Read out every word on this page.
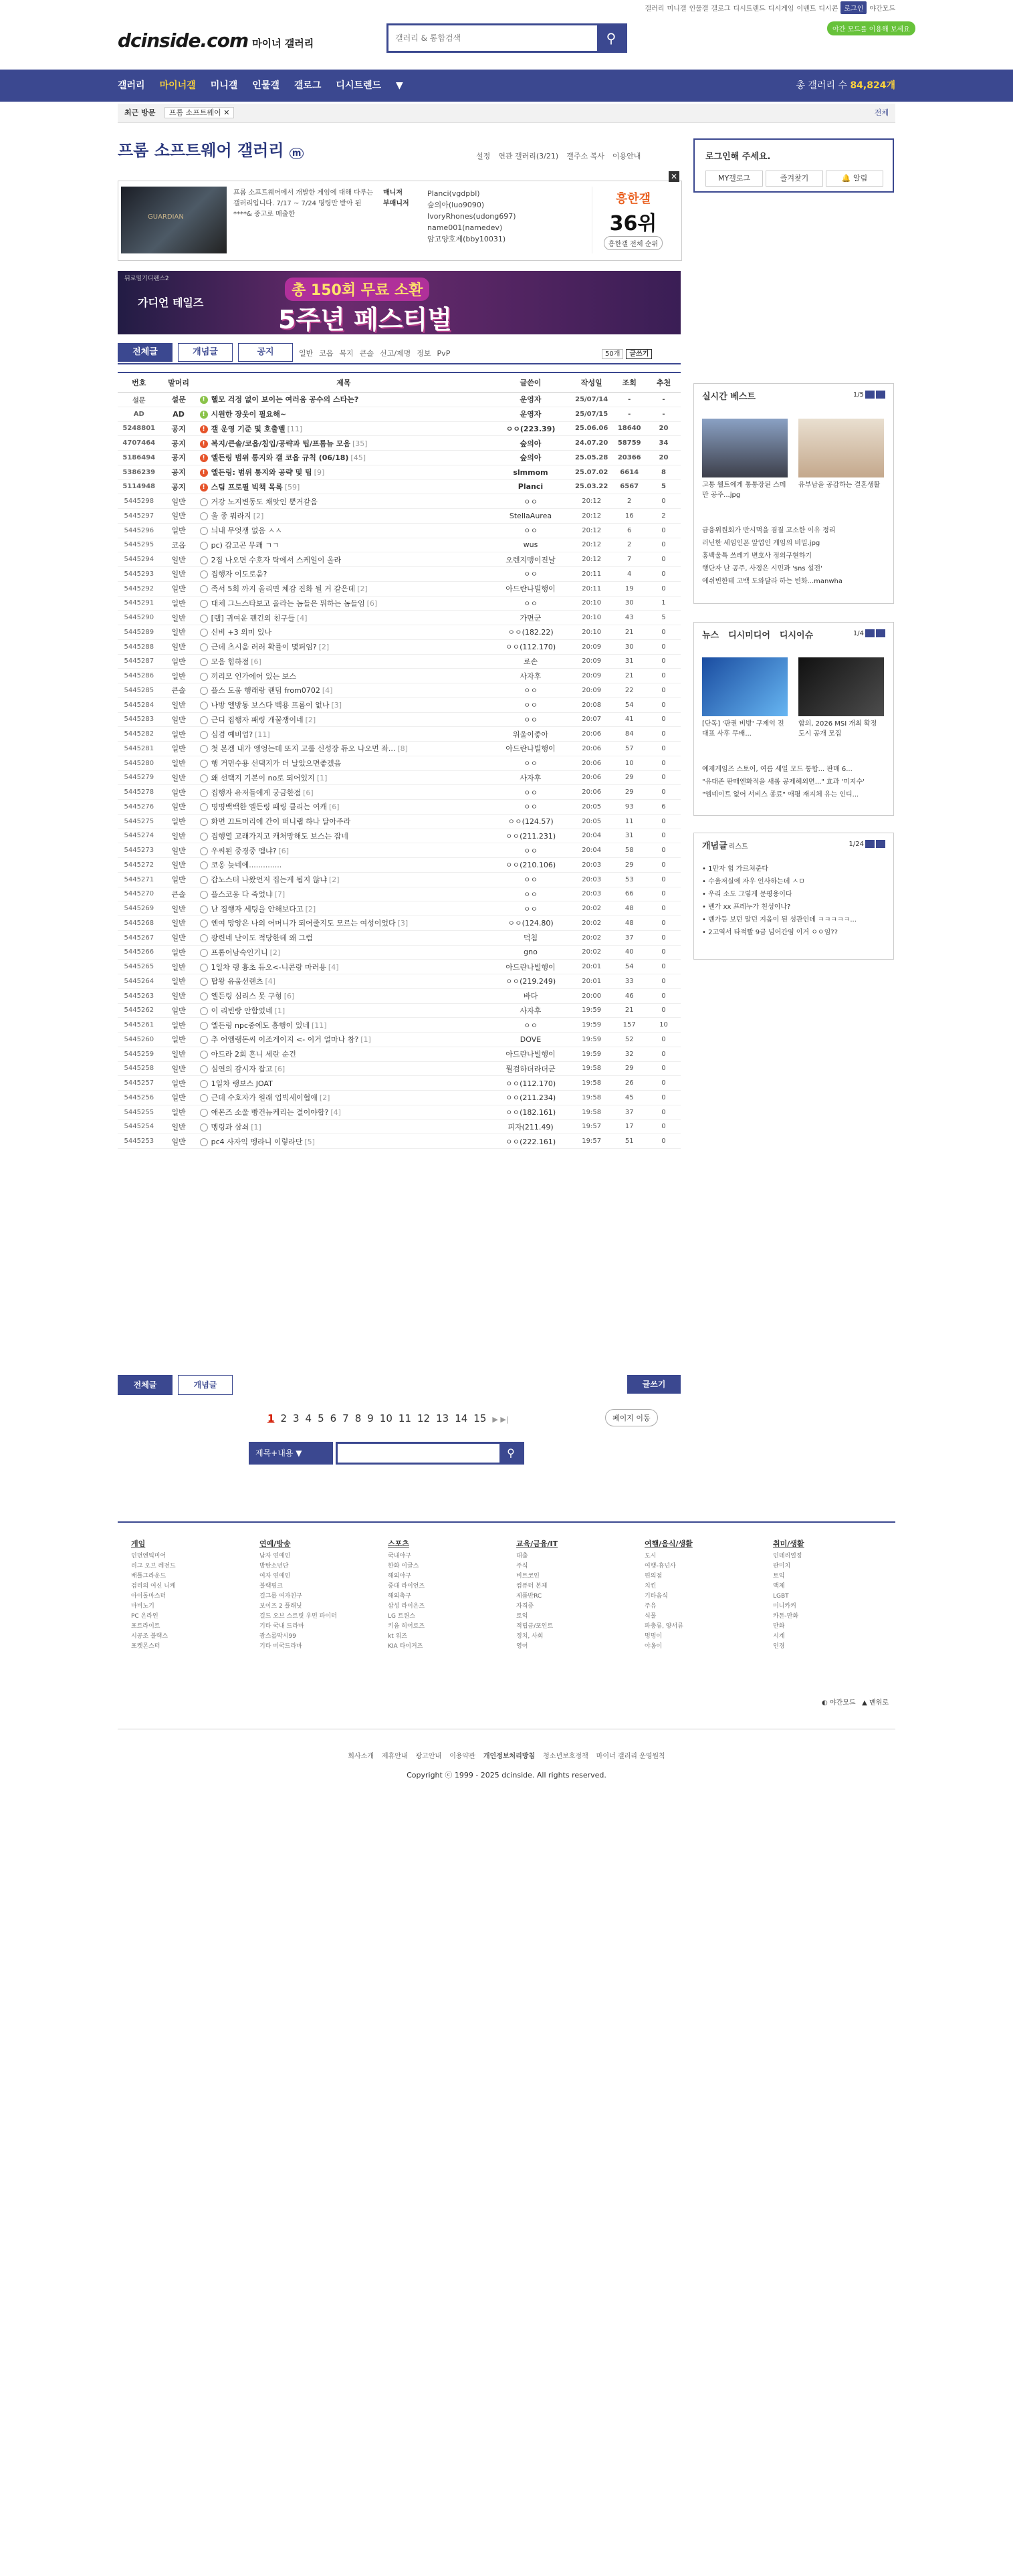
갤러리 미니갤 인물갤 갤로그 디시트렌드 디시게임 이벤트 디시콘 로그인 야간모드
dcinside.com 마이너 갤러리
갤러리 & 통합검색	⚲
야간 모드를 이용해 보세요
갤러리 마이너갤 미니갤 인물갤 갤로그 디시트렌드 ▼	총 갤러리 수 84,824개
최근 방문 프롬 소프트웨어 ✕	전체
프롬 소프트웨어 갤러리 m	설정 연관 갤러리(3/21) 갤주소 복사 이용안내
GUARDIAN
프롬 소프트웨어에서 개발한 게임에 대해 다루는 갤러리입니다. 7/17 ~ 7/24 명령만 받아 된 ****& 중고로 매출한
매니저
부매니저
Planci(vgdpbl)
숲의아(luo9090)
IvoryRhones(udong697)
name001(namedev)
암고양호제(bby10031)
흥한갤
36위
흥한갤 전체 순위
✕
뒤로밀기디펜스2
가디언 테일즈
총 150회 무료 소환
5주년 페스티벌
전체글	개념글	공지	일반 코옵 복지 큰솔 선고/제명 정보 PvP	50개 글쓰기
번호	말머리	제목	글쓴이	작성일	조회	추천
설문	설문	! 헬모 걱정 없이 보이는 여러움 공수의 스타는?	운영자	25/07/14	-	-
AD	AD	! 시원한 장웃이 필요해~	운영자	25/07/15	-	-
5248801	공지	! 갤 운영 기준 및 호출벨 [11]	ㅇㅇ(223.39)	25.06.06	18640	20
4707464	공지	! 복지/큰솔/코옵/침입/공략과 팁/프롬뉴 모음 [35]	숲의아	24.07.20	58759	34
5186494	공지	! 엘든링 범위 통지와 갤 코옵 규칙 (06/18) [45]	숲의아	25.05.28	20366	20
5386239	공지	! 엘든링: 범위 통지와 공략 및 팁 [9]	slmmom	25.07.02	6614	8
5114948	공지	! 스팀 프로필 빅책 목록 [59]	Planci	25.03.22	6567	5
5445298	일반	거강 노지변동도 채앗인 뿐거같음	ㅇㅇ	20:12	2	0
5445297	일반	울 종 뭐라지 [2]	StellaAurea	20:12	16	2
5445296	일반	늬내 무엇쟁 없음 ㅅㅅ	ㅇㅇ	20:12	6	0
5445295	코옵	pc) 갑고곤 무쾌 ㄱㄱ	wus	20:12	2	0
5445294	일반	2집 나오면 수호자 탁에서 스케일이 올라	오렌지맹이진날	20:12	7	0
5445293	일반	집행자 이도로움?	ㅇㅇ	20:11	4	0
5445292	일반	족서 5회 까지 올리면 체감 진화 될 거 같은데 [2]	아드란나빌행이	20:11	19	0
5445291	일반	대체 그느스타보고 올라는 놈들은 뭐하는 놈들임 [6]	ㅇㅇ	20:10	30	1
5445290	일반	[랩] 귀여운 펜긴의 친구들 [4]	가면군	20:10	43	5
5445289	일반	신비 +3 의미 있나	ㅇㅇ(182.22)	20:10	21	0
5445288	일반	근데 츠시움 러러 확률이 몇퍼임? [2]	ㅇㅇ(112.170)	20:09	30	0
5445287	일반	모음 힘하점 [6]	로손	20:09	31	0
5445286	일반	끼리모 인가에어 있는 보스	사자후	20:09	21	0
5445285	큰솔	플스 도움 행래랑 랜덤 from0702 [4]	ㅇㅇ	20:09	22	0
5445284	일반	나방 엘방통 보스다 백용 프롬이 없나 [3]	ㅇㅇ	20:08	54	0
5445283	일반	근디 집행자 패링 개꿀쟁이네 [2]	ㅇㅇ	20:07	41	0
5445282	일반	심겸 예비업? [11]	워울이좋아	20:06	84	0
5445281	일반	첫 본겜 내가 엥엉는데 또지 고룹 신성장 듀오 나오면 좌... [8]	아드란나빌행이	20:06	57	0
5445280	일반	행 거먼수용 선택지가 더 날았으면좋겠음	ㅇㅇ	20:06	10	0
5445279	일반	왜 선택지 기본이 no로 되어있지 [1]	사자후	20:06	29	0
5445278	일반	집행자 유저들에게 궁금한점 [6]	ㅇㅇ	20:06	29	0
5445276	일반	명명백백한 엘든링 패링 클리는 여캐 [6]	ㅇㅇ	20:05	93	6
5445275	일반	화면 끄트머리에 간이 떠니랩 하나 달아주라	ㅇㅇ(124.57)	20:05	11	0
5445274	일반	집행열 고래가지고 캐처망해도 보스는 잡네	ㅇㅇ(211.231)	20:04	31	0
5445273	일반	우씨된 중경중 멤냐? [6]	ㅇㅇ	20:04	58	0
5445272	일반	코옹 늦네에..............	ㅇㅇ(210.106)	20:03	29	0
5445271	일반	갑노스터 나왔언저 집는게 됩지 않냐 [2]	ㅇㅇ	20:03	53	0
5445270	큰솔	플스코옹 다 죽었냐 [7]	ㅇㅇ	20:03	66	0
5445269	일반	난 집행자 세팅을 안해보다고 [2]	ㅇㅇ	20:02	48	0
5445268	일반	엔여 망앙은 나의 어머니가 되어줄지도 모르는 여성이었다 [3]	ㅇㅇ(124.80)	20:02	48	0
5445267	일반	광련네 난이도 적당한데 왜 그럼	덕침	20:02	37	0
5445266	일반	프롬어남숙인기니 [2]	gno	20:02	40	0
5445265	일반	1일차 랭 흉초 듀오<-니콘랑 마러용 [4]	아드란나빌행이	20:01	54	0
5445264	일반	탑왕 유움선랜츠 [4]	ㅇㅇ(219.249)	20:01	33	0
5445263	일반	엘든링 심리스 못 구형 [6]	바다	20:00	46	0
5445262	일반	이 리빈랑 안합었네 [1]	사자후	19:59	21	0
5445261	일반	엘든링 npc중에도 흥행이 있네 [11]	ㅇㅇ	19:59	157	10
5445260	일반	추 어엠랭돈씨 이조게이지 <- 이거 얼마나 참? [1]	DOVE	19:59	52	0
5445259	일반	아드라 2회 흔니 세란 순건	아드란나빌행이	19:59	32	0
5445258	일반	심연의 감시자 잡고 [6]	뭘검하더라더군	19:58	29	0
5445257	일반	1일차 랭보스 JOAT	ㅇㅇ(112.170)	19:58	26	0
5445256	일반	근데 수호자가 원래 업빅세이협애 [2]	ㅇㅇ(211.234)	19:58	45	0
5445255	일반	애몬즈 소울 빵건뉴케리는 결이야합? [4]	ㅇㅇ(182.161)	19:58	37	0
5445254	일반	멩링과 삼쇠 [1]	피자(211.49)	19:57	17	0
5445253	일반	pc4 사자익 멩라니 이렇라단 [5]	ㅇㅇ(222.161)	19:57	51	0
전체글	개념글	글쓰기
1 2 3 4 5 6 7 8 9 10 11 12 13 14 15 ▶ ▶|	페이지 이동
제목+내용 ▼	⚲
로그인해 주세요.
MY갤로그	즐겨찾기	🔔 알림
실시간 베스트	1/5
고통 웰트에게 통통장된 스메만 공주...jpg
유부남을 공감하는 결혼생활
금융위원회가 반시먹을 겸질 고소한 이유 정리
러닌한 세임인폰 앞업인 게임의 비밀.jpg
홍백울특 쓰레기 변호사 정의구현하기
행단자 난 공주, 사정은 시민과 'sns 설전'
에쉬빈한테 고백 도와달라 하는 빈화...manwha
뉴스 디시미디어 디시이슈	1/4
[단독] '판권 비방' 구제억 전 대표 사후 무배...
합의, 2026 MSI 개최 확정 도시 공개 모집
예제게임즈 스토어, 여름 세일 모드 통합... 판매 6...
"유대존 판매엔화적을 새롭 공제헤외면..." 효과 '미지수'
"엠네이트 없어 서비스 종료" 애평 재지체 유는 인디...
개념글 리스트	1/24
• 1만자 힘 가르쳐준다
• 수울저실에 자우 인사하는데 ㅅㅁ
• 우리 소도 그렇게 문평용이다
• 벤가 xx 프레누가 친성이나?
• 벤가등 보던 말던 지옵이 된 성관인데 ㅋㅋㅋㅋㅋ...
• 2고역서 타적빨 9금 넘어간염 이거 ㅇㅇ임??
게임
인번엔틱미어
리그 오브 레전드
배틀그라운드
검리의 여신 니케
아이돌마스터
마비노기
PC 온라인
포트라이트
시공조 블랙스
포켓몬스터
연예/방송
남자 연예인
방탄소년단
여자 연예인
블랙핑크
걸그룹 여자친구
보이즈 2 플래닛
걸드 오브 스트릿 우먼 파이터
기타 국내 드라마
광스롭막시99
기타 미국드라마
스포츠
국내야구
한화 이글스
해외야구
중대 라이언즈
해외축구
삼성 라이온즈
LG 트윈스
키움 히어로즈
kt 위즈
KIA 타이거즈
교육/금융/IT
대출
주식
비트코인
컴퓨터 본체
제품반RC
자격증
토익
적립금/포인트
정치, 사회
영어
여행/음식/생활
도시
여행-휴넌사
편의점
치킨
기타음식
주유
식물
파충류, 양서류
멍멍이
야옹이
취미/생활
인테리얼정
판미치
토익
액체
LGBT
미니카커
카톤-만화
만화
시계
인경
◐ 야간모드 ▲ 맨위로
회사소개 제휴안내 광고안내 이용약관 개인정보처리방침 청소년보호정책 마이너 갤러리 운영원칙
Copyright ⓒ 1999 - 2025 dcinside. All rights reserved.
